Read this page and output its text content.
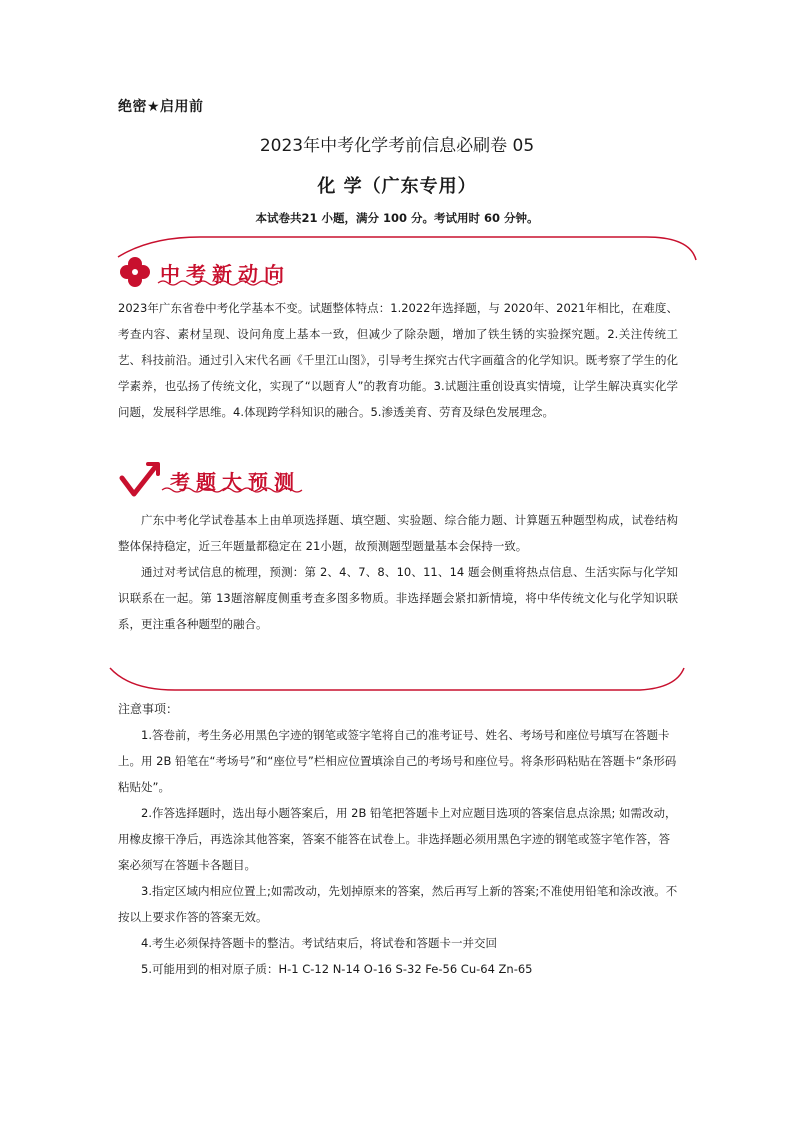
绝密★启用前
2023年中考化学考前信息必刷卷 05
化 学（广东专用）
本试卷共21 小题，满分 100 分。考试用时 60 分钟。
中考新动向

2023年广东省卷中考化学基本不变。试题整体特点：1.2022年选择题，与 2020年、2021年相比，在难度、考查内容、素材呈现、设问角度上基本一致，但减少了除杂题，增加了铁生锈的实验探究题。2.关注传统工艺、科技前沿。通过引入宋代名画《千里江山图》，引导考生探究古代字画蕴含的化学知识。既考察了学生的化学素养，也弘扬了传统文化，实现了“以题育人”的教育功能。3.试题注重创设真实情境，让学生解决真实化学问题，发展科学思维。4.体现跨学科知识的融合。5.渗透美育、劳育及绿色发展理念。

考题大预测

广东中考化学试卷基本上由单项选择题、填空题、实验题、综合能力题、计算题五种题型构成，试卷结构整体保持稳定，近三年题量都稳定在 21小题，故预测题型题量基本会保持一致。

通过对考试信息的梳理，预测：第 2、4、7、8、10、11、14 题会侧重将热点信息、生活实际与化学知识联系在一起。第 13题溶解度侧重考查多图多物质。非选择题会紧扣新情境，将中华传统文化与化学知识联系，更注重各种题型的融合。

注意事项：

1.答卷前，考生务必用黑色字迹的钢笔或签字笔将自己的准考证号、姓名、考场号和座位号填写在答题卡上。用 2B 铅笔在“考场号”和“座位号”栏相应位置填涂自己的考场号和座位号。将条形码粘贴在答题卡“条形码粘贴处”。

2.作答选择题时，选出每小题答案后，用 2B 铅笔把答题卡上对应题目选项的答案信息点涂黑; 如需改动，用橡皮擦干净后，再选涂其他答案，答案不能答在试卷上。非选择题必须用黑色字迹的钢笔或签字笔作答，答案必须写在答题卡各题目。

3.指定区域内相应位置上;如需改动，先划掉原来的答案，然后再写上新的答案;不准使用铅笔和涂改液。不按以上要求作答的答案无效。

4.考生必须保持答题卡的整洁。考试结束后，将试卷和答题卡一并交回

5.可能用到的相对原子质：H-1 C-12 N-14 O-16 S-32 Fe-56 Cu-64 Zn-65
